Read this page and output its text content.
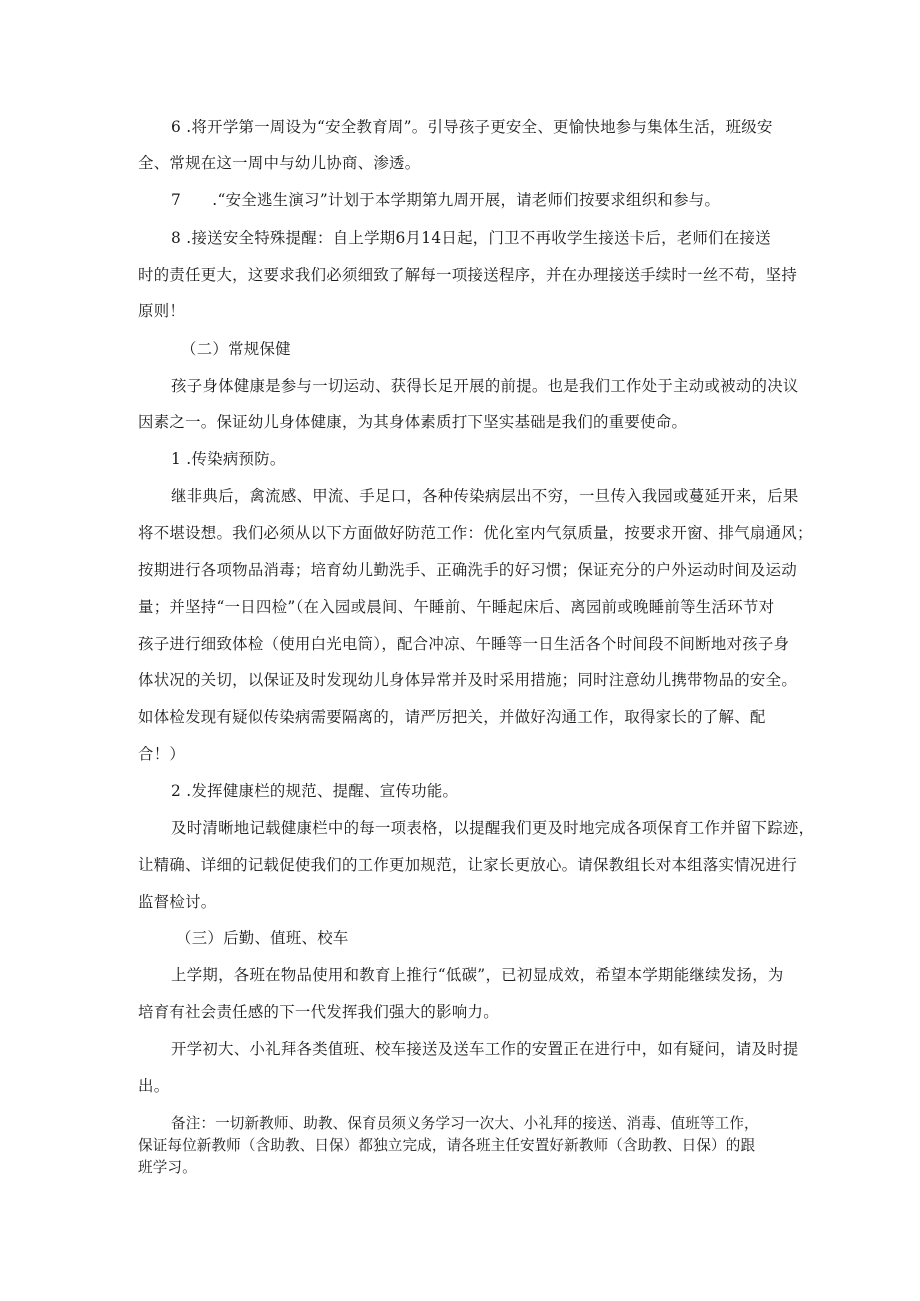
6 .将开学第一周设为“安全教育周”。引导孩子更安全、更愉快地参与集体生活，班级安
全、常规在这一周中与幼儿协商、渗透。
7      .“安全逃生演习”计划于本学期第九周开展，请老师们按要求组织和参与。
8 .接送安全特殊提醒：自上学期6月14日起，门卫不再收学生接送卡后，老师们在接送
时的责任更大，这要求我们必须细致了解每一项接送程序，并在办理接送手续时一丝不苟，坚持
原则！
（二）常规保健
孩子身体健康是参与一切运动、获得长足开展的前提。也是我们工作处于主动或被动的决议
因素之一。保证幼儿身体健康，为其身体素质打下坚实基础是我们的重要使命。
1 .传染病预防。
继非典后，禽流感、甲流、手足口，各种传染病层出不穷，一旦传入我园或蔓延开来，后果
将不堪设想。我们必须从以下方面做好防范工作：优化室内气氛质量，按要求开窗、排气扇通风；
按期进行各项物品消毒；培育幼儿勤洗手、正确洗手的好习惯；保证充分的户外运动时间及运动
量；并坚持“一日四检”（在入园或晨间、午睡前、午睡起床后、离园前或晚睡前等生活环节对
孩子进行细致体检（使用白光电筒），配合冲凉、午睡等一日生活各个时间段不间断地对孩子身
体状况的关切，以保证及时发现幼儿身体异常并及时采用措施；同时注意幼儿携带物品的安全。
如体检发现有疑似传染病需要隔离的，请严厉把关，并做好沟通工作，取得家长的了解、配
合！）
2 .发挥健康栏的规范、提醒、宣传功能。
及时清晰地记载健康栏中的每一项表格，以提醒我们更及时地完成各项保育工作并留下踪迹，
让精确、详细的记载促使我们的工作更加规范，让家长更放心。请保教组长对本组落实情况进行
监督检讨。
（三）后勤、值班、校车
上学期，各班在物品使用和教育上推行“低碳”，已初显成效，希望本学期能继续发扬，为
培育有社会责任感的下一代发挥我们强大的影响力。
开学初大、小礼拜各类值班、校车接送及送车工作的安置正在进行中，如有疑问，请及时提
出。
备注：一切新教师、助教、保育员须义务学习一次大、小礼拜的接送、消毒、值班等工作，
保证每位新教师（含助教、日保）都独立完成，请各班主任安置好新教师（含助教、日保）的跟
班学习。
